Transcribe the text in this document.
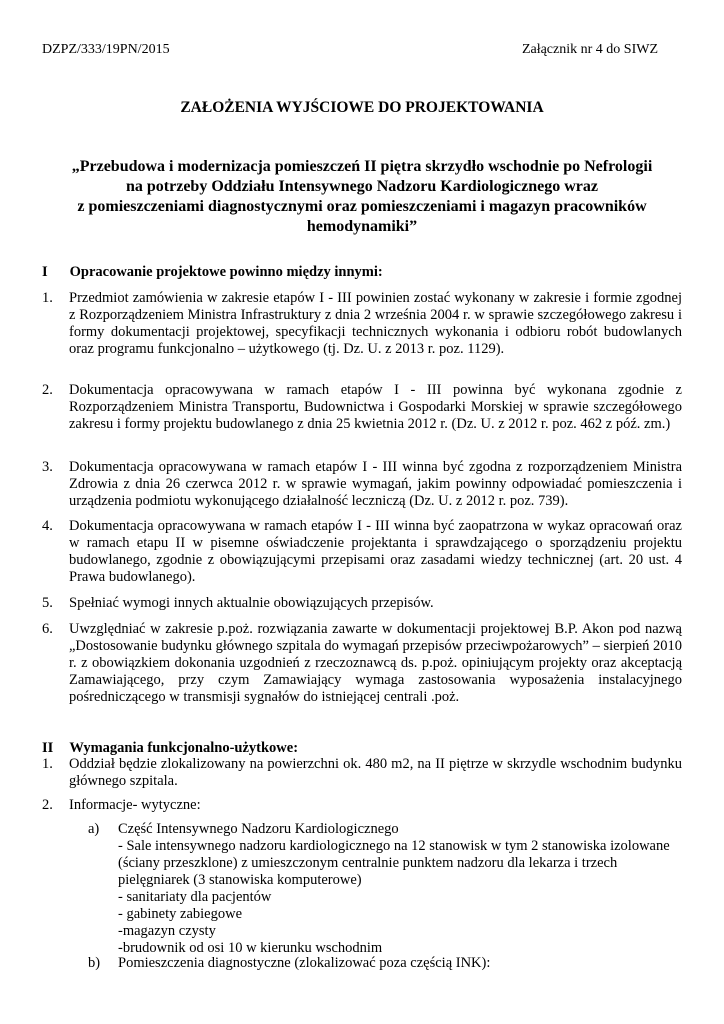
DZPZ/333/19PN/2015	Załącznik nr 4 do SIWZ
ZAŁOŻENIA WYJŚCIOWE DO PROJEKTOWANIA
„Przebudowa i modernizacja pomieszczeń II piętra skrzydło wschodnie po Nefrologii
na potrzeby Oddziału Intensywnego Nadzoru Kardiologicznego wraz
z pomieszczeniami diagnostycznymi oraz pomieszczeniami i magazyn pracowników
hemodynamiki”
I Opracowanie projektowe powinno między innymi:
1.	Przedmiot zamówienia w zakresie etapów I - III powinien zostać wykonany w zakresie i formie zgodnej z Rozporządzeniem Ministra Infrastruktury z dnia 2 września 2004 r. w sprawie szczegółowego zakresu i formy dokumentacji projektowej, specyfikacji technicznych wykonania i odbioru robót budowlanych oraz programu funkcjonalno – użytkowego (tj. Dz. U. z 2013 r. poz. 1129).
2.	Dokumentacja opracowywana w ramach etapów I - III powinna być wykonana zgodnie z Rozporządzeniem Ministra Transportu, Budownictwa i Gospodarki Morskiej w sprawie szczegółowego zakresu i formy projektu budowlanego z dnia 25 kwietnia 2012 r. (Dz. U. z 2012 r. poz. 462 z póź. zm.)
3.	Dokumentacja opracowywana w ramach etapów I - III winna być zgodna z rozporządzeniem Ministra Zdrowia z dnia 26 czerwca 2012 r. w sprawie wymagań, jakim powinny odpowiadać pomieszczenia i urządzenia podmiotu wykonującego działalność leczniczą (Dz. U. z 2012 r. poz. 739).
4.	Dokumentacja opracowywana w ramach etapów I - III winna być zaopatrzona w wykaz opracowań oraz w ramach etapu II w pisemne oświadczenie projektanta i sprawdzającego o sporządzeniu projektu budowlanego, zgodnie z obowiązującymi przepisami oraz zasadami wiedzy technicznej (art. 20 ust. 4 Prawa budowlanego).
5.	Spełniać wymogi innych aktualnie obowiązujących przepisów.
6.	Uwzględniać w zakresie p.poż. rozwiązania zawarte w dokumentacji projektowej B.P. Akon pod nazwą „Dostosowanie budynku głównego szpitala do wymagań przepisów przeciwpożarowych” – sierpień 2010 r. z obowiązkiem dokonania uzgodnień z rzeczoznawcą ds. p.poż. opiniującym projekty oraz akceptacją Zamawiającego, przy czym Zamawiający wymaga zastosowania wyposażenia instalacyjnego pośredniczącego w transmisji sygnałów do istniejącej centrali .poż.
II Wymagania funkcjonalno-użytkowe:
1.	Oddział będzie zlokalizowany na powierzchni ok. 480 m2, na II piętrze w skrzydle wschodnim budynku głównego szpitala.
2.	Informacje- wytyczne:
a)	Część Intensywnego Nadzoru Kardiologicznego
- Sale intensywnego nadzoru kardiologicznego na 12 stanowisk w tym 2 stanowiska izolowane (ściany przeszklone) z umieszczonym centralnie punktem nadzoru dla lekarza i trzech pielęgniarek (3 stanowiska komputerowe)
- sanitariaty dla pacjentów
- gabinety zabiegowe
-magazyn czysty
-brudownik od osi 10 w kierunku wschodnim
b)	Pomieszczenia diagnostyczne (zlokalizować poza częścią INK):
